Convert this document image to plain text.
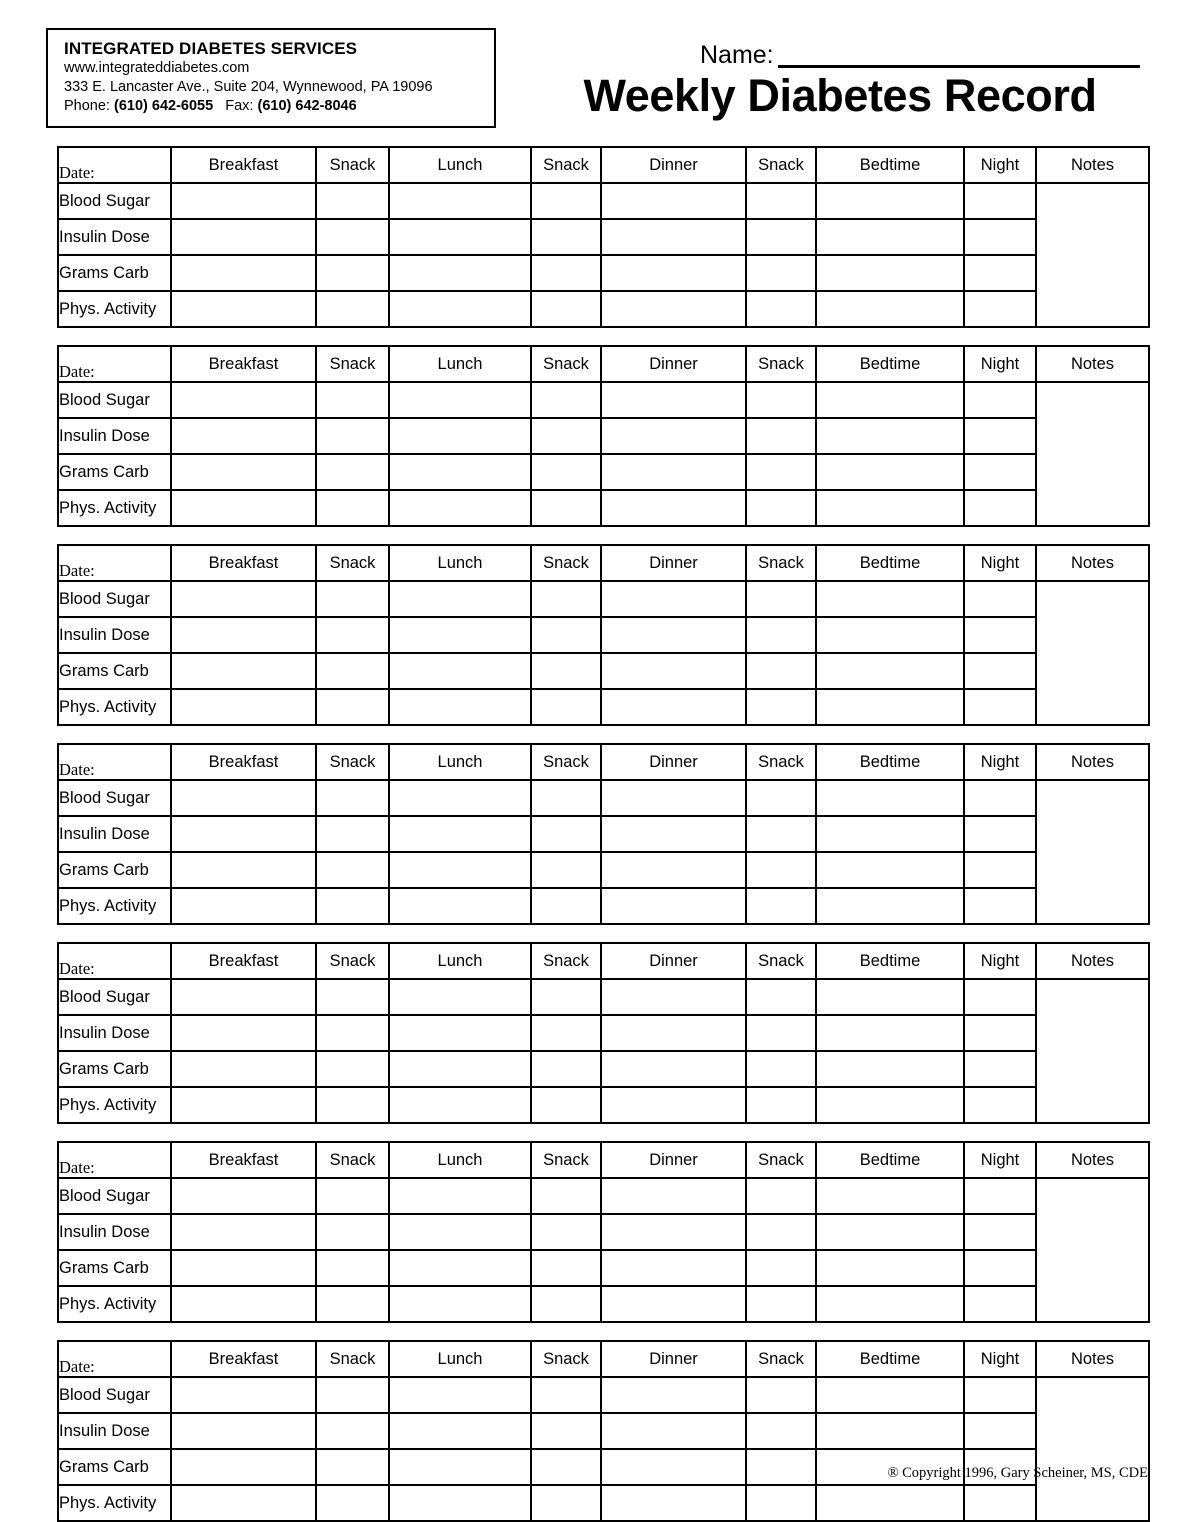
INTEGRATED DIABETES SERVICES
www.integrateddiabetes.com
333 E. Lancaster Ave., Suite 204, Wynnewood, PA 19096
Phone: (610) 642-6055 Fax: (610) 642-8046
Name:
Weekly Diabetes Record
Date:	Breakfast	Snack	Lunch	Snack	Dinner	Snack	Bedtime	Night	Notes
Blood Sugar									
Insulin Dose									
Grams Carb									
Phys. Activity									
Date:	Breakfast	Snack	Lunch	Snack	Dinner	Snack	Bedtime	Night	Notes
Blood Sugar									
Insulin Dose									
Grams Carb									
Phys. Activity									
Date:	Breakfast	Snack	Lunch	Snack	Dinner	Snack	Bedtime	Night	Notes
Blood Sugar									
Insulin Dose									
Grams Carb									
Phys. Activity									
Date:	Breakfast	Snack	Lunch	Snack	Dinner	Snack	Bedtime	Night	Notes
Blood Sugar									
Insulin Dose									
Grams Carb									
Phys. Activity									
Date:	Breakfast	Snack	Lunch	Snack	Dinner	Snack	Bedtime	Night	Notes
Blood Sugar									
Insulin Dose									
Grams Carb									
Phys. Activity									
Date:	Breakfast	Snack	Lunch	Snack	Dinner	Snack	Bedtime	Night	Notes
Blood Sugar									
Insulin Dose									
Grams Carb									
Phys. Activity									
Date:	Breakfast	Snack	Lunch	Snack	Dinner	Snack	Bedtime	Night	Notes
Blood Sugar									
Insulin Dose									
Grams Carb									
Phys. Activity									
® Copyright 1996, Gary Scheiner, MS, CDE
